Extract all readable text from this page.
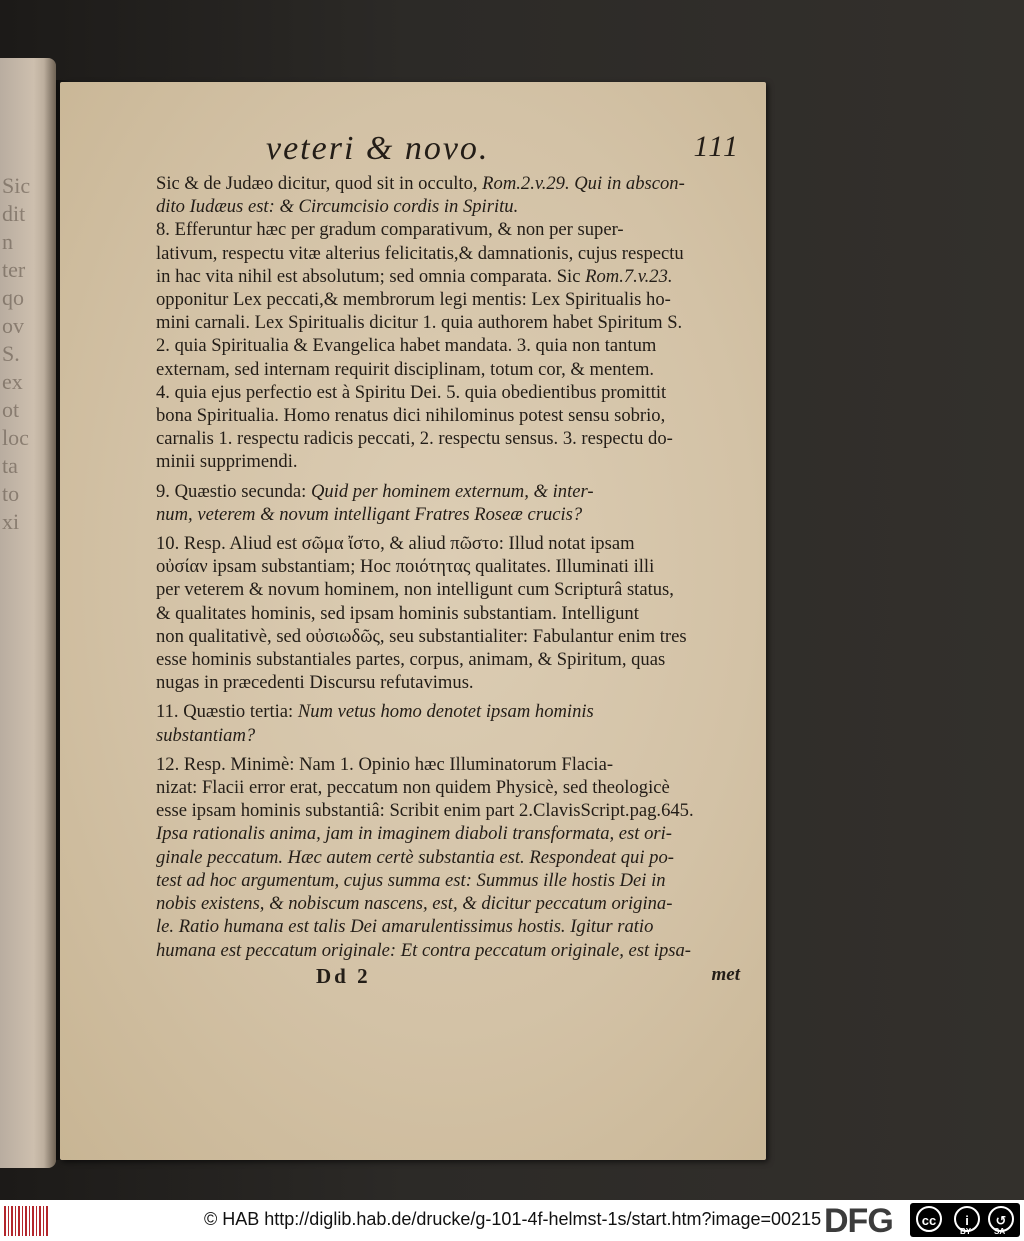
Sic
dit
n
ter
qo
ov
S.
ex
ot
loc
ta
to
xi
veteri & novo.	111
Sic & de Judæo dicitur, quod sit in occulto, Rom.2.v.29. Qui in abscon-
dito Iudæus est: & Circumcisio cordis in Spiritu.
8. Efferuntur hæc per gradum comparativum, & non per super-
lativum, respectu vitæ alterius felicitatis,& damnationis, cujus respectu
in hac vita nihil est absolutum; sed omnia comparata. Sic Rom.7.v.23.
opponitur Lex peccati,& membrorum legi mentis: Lex Spiritualis ho-
mini carnali. Lex Spiritualis dicitur 1. quia authorem habet Spiritum S.
2. quia Spiritualia & Evangelica habet mandata. 3. quia non tantum
externam, sed internam requirit disciplinam, totum cor, & mentem.
4. quia ejus perfectio est à Spiritu Dei. 5. quia obedientibus promittit
bona Spiritualia. Homo renatus dici nihilominus potest sensu sobrio,
carnalis 1. respectu radicis peccati, 2. respectu sensus. 3. respectu do-
minii supprimendi.
9. Quæstio secunda: Quid per hominem externum, & inter-
num, veterem & novum intelligant Fratres Roseæ crucis?
10. Resp. Aliud est σῶμα ἴστο, & aliud πῶστο: Illud notat ipsam
οὐσίαν ipsam substantiam; Hoc ποιότητας qualitates. Illuminati illi
per veterem & novum hominem, non intelligunt cum Scripturâ status,
& qualitates hominis, sed ipsam hominis substantiam. Intelligunt
non qualitativè, sed οὐσιωδῶς, seu substantialiter: Fabulantur enim tres
esse hominis substantiales partes, corpus, animam, & Spiritum, quas
nugas in præcedenti Discursu refutavimus.
11. Quæstio tertia: Num vetus homo denotet ipsam hominis
substantiam?
12. Resp. Minimè: Nam 1. Opinio hæc Illuminatorum Flacia-
nizat: Flacii error erat, peccatum non quidem Physicè, sed theologicè
esse ipsam hominis substantiâ: Scribit enim part 2.ClavisScript.pag.645.
Ipsa rationalis anima, jam in imaginem diaboli transformata, est ori-
ginale peccatum. Hæc autem certè substantia est. Respondeat qui po-
test ad hoc argumentum, cujus summa est: Summus ille hostis Dei in
nobis existens, & nobiscum nascens, est, & dicitur peccatum origina-
le. Ratio humana est talis Dei amarulentissimus hostis. Igitur ratio
humana est peccatum originale: Et contra peccatum originale, est ipsa-
Dd 2	met
© HAB http://diglib.hab.de/drucke/g-101-4f-helmst-1s/start.htm?image=00215 DFG	cc	i	↺
BY	SA
